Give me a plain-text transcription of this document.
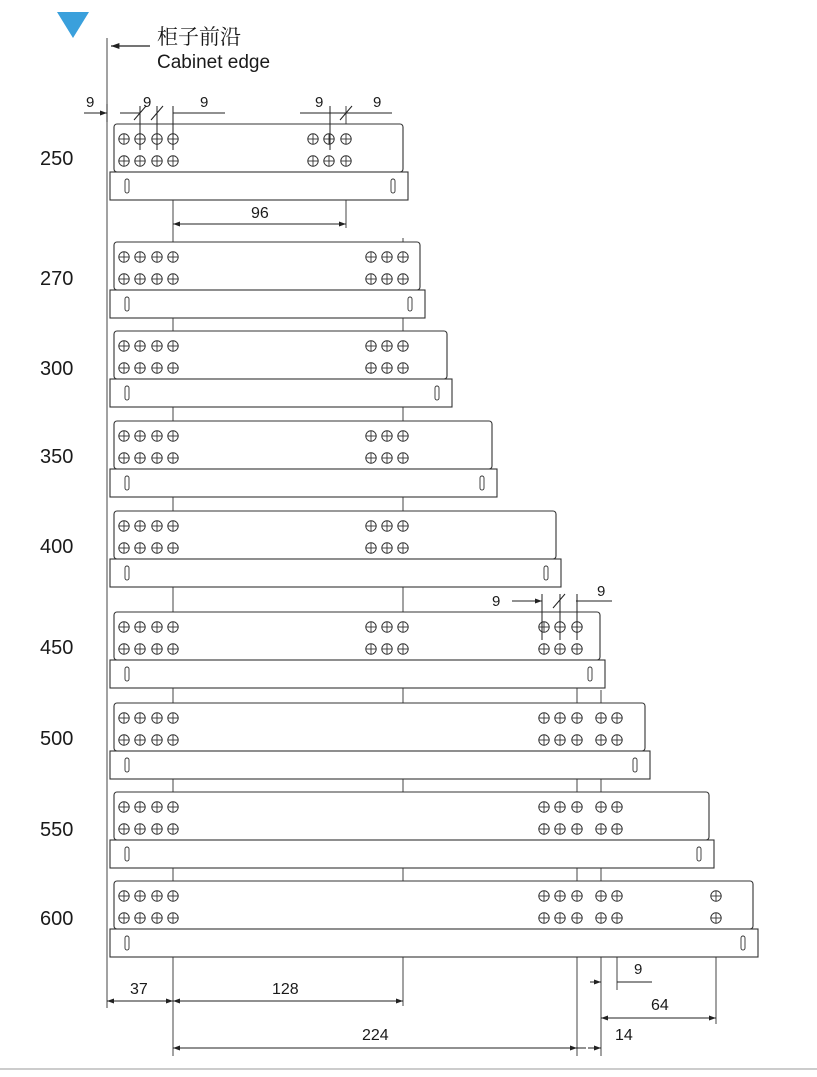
柜子前沿
Cabinet edge
250
270
300
350
400
450
500
550
600
9	9	9	9	9
96
9
9
37	128
224
9
64
14
